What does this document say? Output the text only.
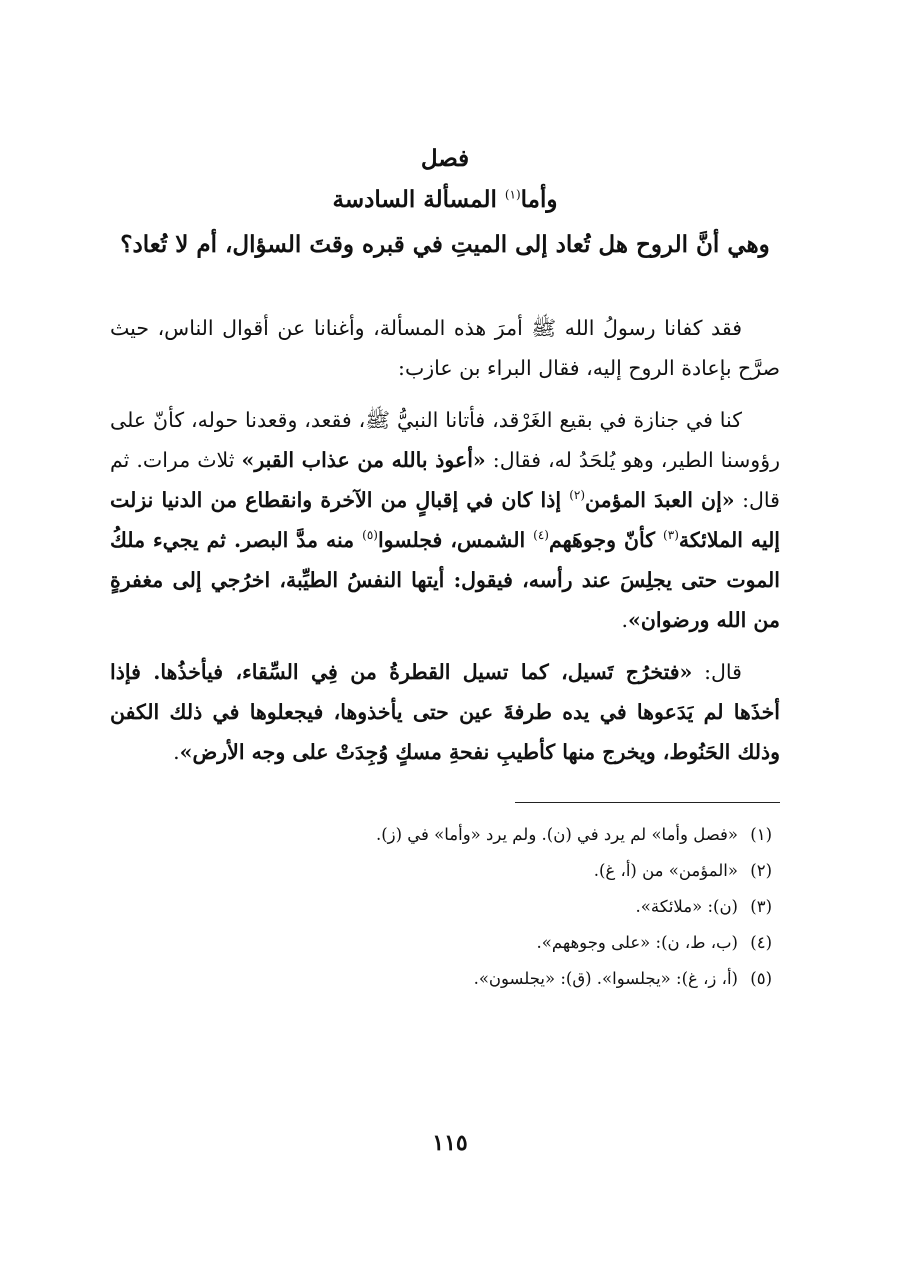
فصل
وأما$^{(١)}$ المسألة السادسة
وهي أنَّ الروح هل تُعاد إلى الميتِ في قبره وقتَ السؤال، أم لا تُعاد؟

فقد كفانا رسولُ الله ﷺ أمرَ هذه المسألة، وأغنانا عن أقوال الناس، حيث صرَّح بإعادة الروح إليه، فقال البراء بن عازب:

كنا في جنازة في بقيع الغَرْقد، فأتانا النبيُّ ﷺ، فقعد، وقعدنا حوله، كأنّ على رؤوسنا الطير، وهو يُلحَدُ له، فقال: «أعوذ بالله من عذاب القبر» ثلاث مرات. ثم قال: «إن العبدَ المؤمن$^{(٢)}$ إذا كان في إقبالٍ من الآخرة وانقطاع من الدنيا نزلت إليه الملائكة$^{(٣)}$ كأنّ وجوهَهم$^{(٤)}$ الشمس، فجلسوا$^{(٥)}$ منه مدَّ البصر. ثم يجيء ملكُ الموت حتى يجلِسَ عند رأسه، فيقول: أيتها النفسُ الطيِّبة، اخرُجي إلى مغفرةٍ من الله ورضوان».

قال: «فتخرُج تَسيل، كما تسيل القطرةُ من فِي السِّقاء، فيأخذُها. فإذا أخذَها لم يَدَعوها في يده طرفةَ عين حتى يأخذوها، فيجعلوها في ذلك الكفن وذلك الحَنُوط، ويخرج منها كأطيبِ نفحةِ مسكٍ وُجِدَتْ على وجه الأرض».

(١)«فصل وأما» لم يرد في (ن). ولم يرد «وأما» في (ز).
(٢)«المؤمن» من (أ، غ).
(٣)(ن): «ملائكة».
(٤)(ب، ط، ن): «على وجوههم».
(٥)(أ، ز، غ): «يجلسوا». (ق): «يجلسون».
١١٥
